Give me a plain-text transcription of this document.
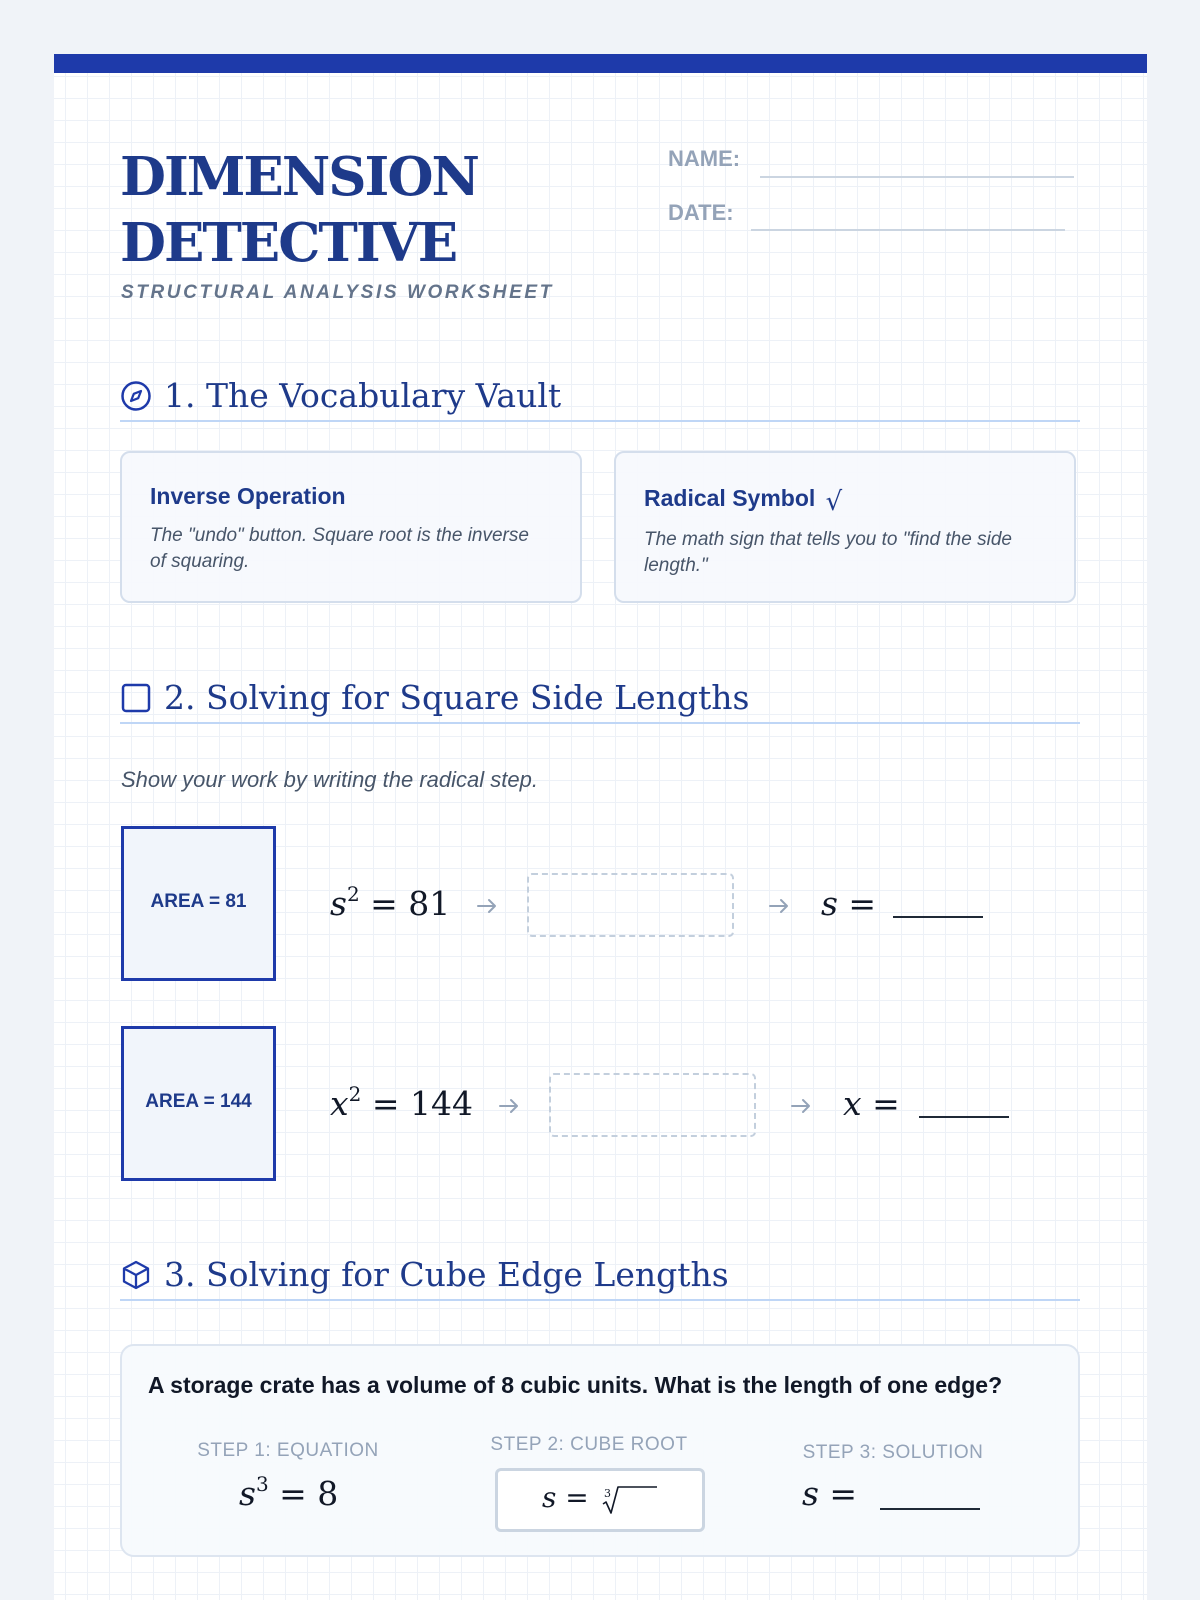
DIMENSION
DETECTIVE
STRUCTURAL ANALYSIS WORKSHEET
NAME:
DATE:
1. The Vocabulary Vault
Inverse Operation
The "undo" button. Square root is the inverse of squaring.
Radical Symbol √
The math sign that tells you to "find the side length."
2. Solving for Square Side Lengths
Show your work by writing the radical step.
AREA = 81	$s^2 = 81$	s =
AREA = 144	$x^2 = 144$	x =
3. Solving for Cube Edge Lengths
A storage crate has a volume of 8 cubic units. What is the length of one edge?
STEP 1: EQUATION
$s^3 = 8$
STEP 2: CUBE ROOT
s = 3
STEP 3: SOLUTION
s =
